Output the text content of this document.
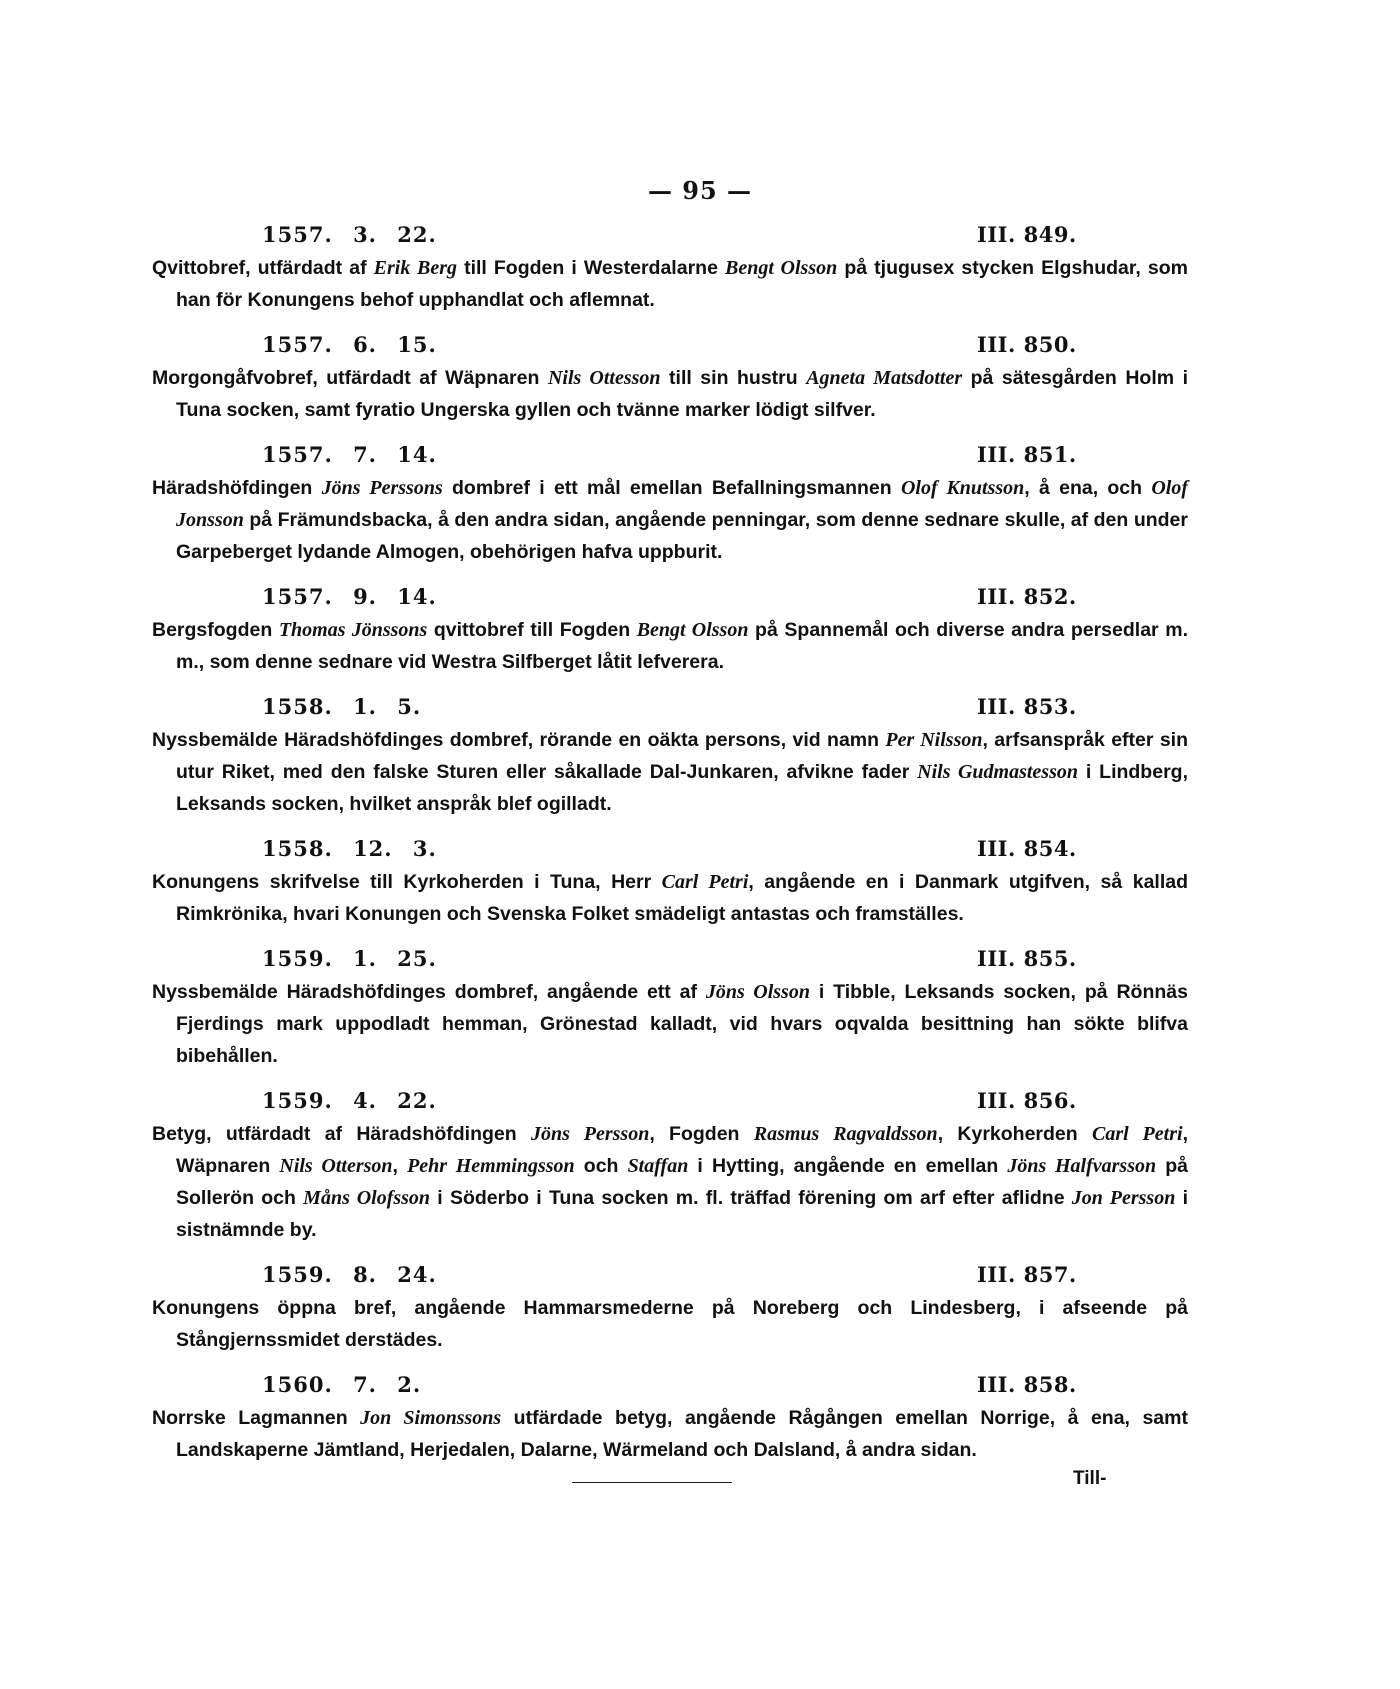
— 95 —
1557. 3. 22.	III. 849.
Qvittobref, utfärdadt af Erik Berg till Fogden i Westerdalarne Bengt Olsson på tjugusex stycken Elgshudar, som han för Konungens behof upphandlat och aflemnat.
1557. 6. 15.	III. 850.
Morgongåfvobref, utfärdadt af Wäpnaren Nils Ottesson till sin hustru Agneta Matsdotter på sätesgården Holm i Tuna socken, samt fyratio Ungerska gyllen och tvänne marker lödigt silfver.
1557. 7. 14.	III. 851.
Häradshöfdingen Jöns Perssons dombref i ett mål emellan Befallningsmannen Olof Knutsson, å ena, och Olof Jonsson på Främundsbacka, å den andra sidan, angående penningar, som denne sednare skulle, af den under Garpeberget lydande Almogen, obehörigen hafva uppburit.
1557. 9. 14.	III. 852.
Bergsfogden Thomas Jönssons qvittobref till Fogden Bengt Olsson på Spannemål och diverse andra persedlar m. m., som denne sednare vid Westra Silfberget låtit lefverera.
1558. 1. 5.	III. 853.
Nyssbemälde Häradshöfdinges dombref, rörande en oäkta persons, vid namn Per Nilsson, arfsanspråk efter sin utur Riket, med den falske Sturen eller såkallade Dal-Junkaren, afvikne fader Nils Gudmastesson i Lindberg, Leksands socken, hvilket anspråk blef ogilladt.
1558. 12. 3.	III. 854.
Konungens skrifvelse till Kyrkoherden i Tuna, Herr Carl Petri, angående en i Danmark utgifven, så kallad Rimkrönika, hvari Konungen och Svenska Folket smädeligt antastas och framställes.
1559. 1. 25.	III. 855.
Nyssbemälde Häradshöfdinges dombref, angående ett af Jöns Olsson i Tibble, Leksands socken, på Rönnäs Fjerdings mark uppodladt hemman, Grönestad kalladt, vid hvars oqvalda besittning han sökte blifva bibehållen.
1559. 4. 22.	III. 856.
Betyg, utfärdadt af Häradshöfdingen Jöns Persson, Fogden Rasmus Ragvaldsson, Kyrkoherden Carl Petri, Wäpnaren Nils Otterson, Pehr Hemmingsson och Staffan i Hytting, angående en emellan Jöns Halfvarsson på Sollerön och Måns Olofsson i Söderbo i Tuna socken m. fl. träffad förening om arf efter aflidne Jon Persson i sistnämnde by.
1559. 8. 24.	III. 857.
Konungens öppna bref, angående Hammarsmederne på Noreberg och Lindesberg, i afseende på Stångjernssmidet derstädes.
1560. 7. 2.	III. 858.
Norrske Lagmannen Jon Simonssons utfärdade betyg, angående Rågången emellan Norrige, å ena, samt Landskaperne Jämtland, Herjedalen, Dalarne, Wärmeland och Dalsland, å andra sidan.
Till-
